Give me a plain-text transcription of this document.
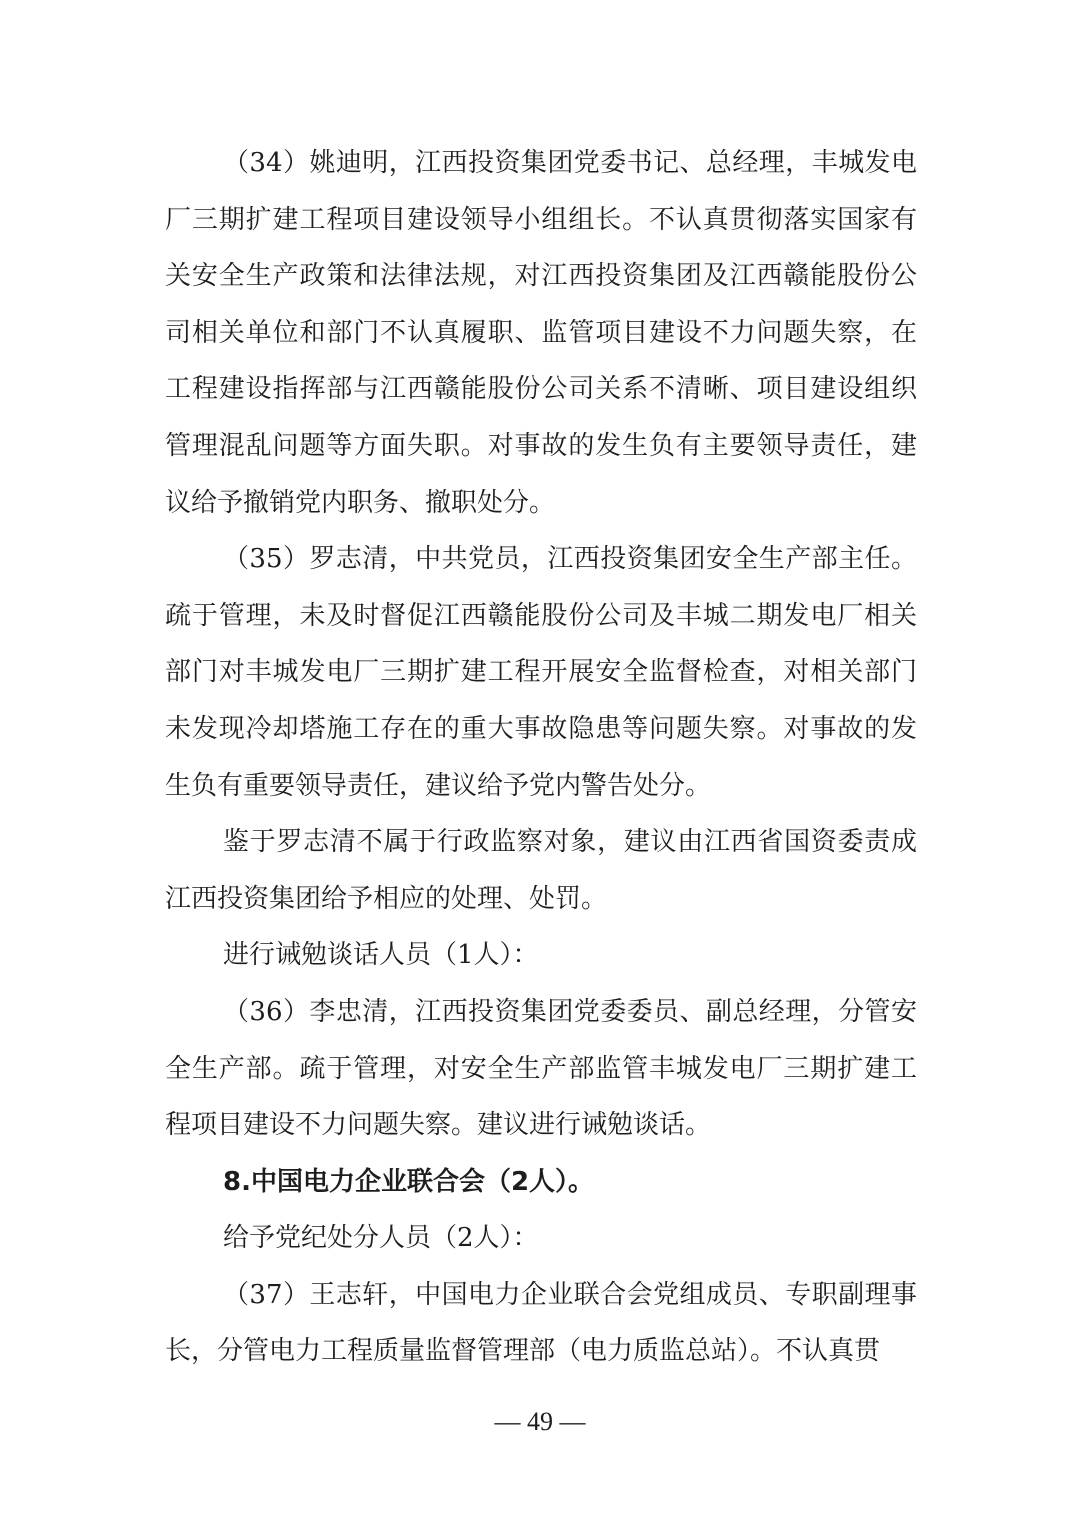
（34）姚迪明，江西投资集团党委书记、总经理，丰城发电厂三期扩建工程项目建设领导小组组长。不认真贯彻落实国家有关安全生产政策和法律法规，对江西投资集团及江西赣能股份公司相关单位和部门不认真履职、监管项目建设不力问题失察，在工程建设指挥部与江西赣能股份公司关系不清晰、项目建设组织管理混乱问题等方面失职。对事故的发生负有主要领导责任，建议给予撤销党内职务、撤职处分。

（35）罗志清，中共党员，江西投资集团安全生产部主任。疏于管理，未及时督促江西赣能股份公司及丰城二期发电厂相关部门对丰城发电厂三期扩建工程开展安全监督检查，对相关部门未发现冷却塔施工存在的重大事故隐患等问题失察。对事故的发生负有重要领导责任，建议给予党内警告处分。

鉴于罗志清不属于行政监察对象，建议由江西省国资委责成江西投资集团给予相应的处理、处罚。

进行诫勉谈话人员（1人）：

（36）李忠清，江西投资集团党委委员、副总经理，分管安全生产部。疏于管理，对安全生产部监管丰城发电厂三期扩建工程项目建设不力问题失察。建议进行诫勉谈话。

8.中国电力企业联合会（2人）。

给予党纪处分人员（2人）：

（37）王志轩，中国电力企业联合会党组成员、专职副理事长，分管电力工程质量监督管理部（电力质监总站）。不认真贯

— 49 —
